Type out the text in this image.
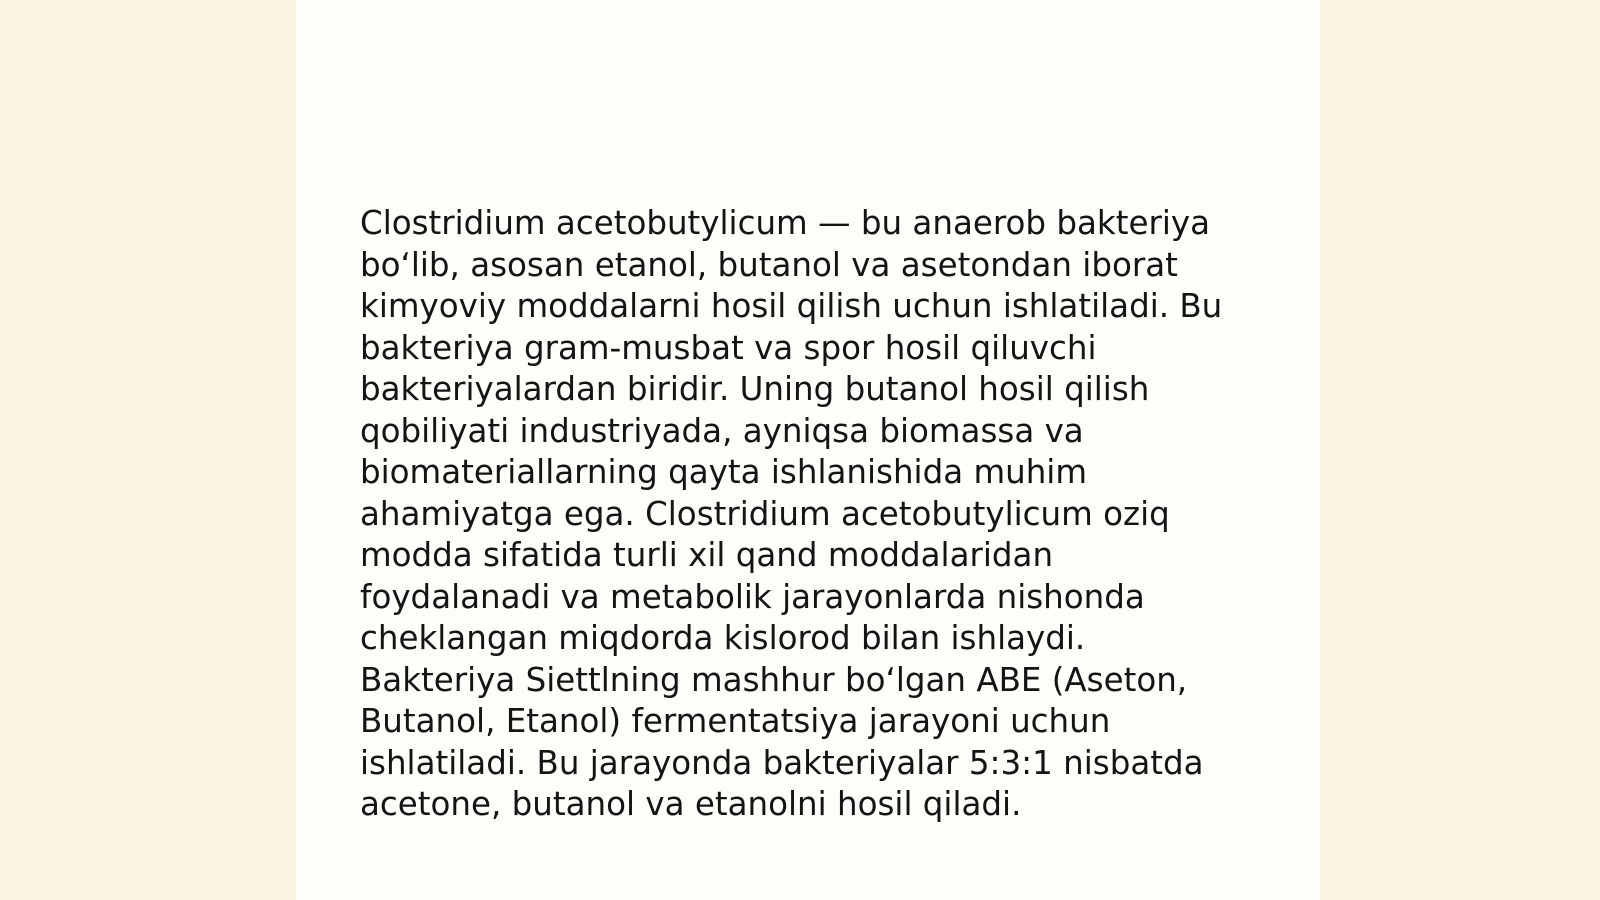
Clostridium acetobutylicum — bu anaerob bakteriya
bo‘lib, asosan etanol, butanol va asetondan iborat
kimyoviy moddalarni hosil qilish uchun ishlatiladi. Bu
bakteriya gram-musbat va spor hosil qiluvchi
bakteriyalardan biridir. Uning butanol hosil qilish
qobiliyati industriyada, ayniqsa biomassa va
biomateriallarning qayta ishlanishida muhim
ahamiyatga ega. Clostridium acetobutylicum oziq
modda sifatida turli xil qand moddalaridan
foydalanadi va metabolik jarayonlarda nishonda
cheklangan miqdorda kislorod bilan ishlaydi.
Bakteriya Siettlning mashhur bo‘lgan ABE (Aseton,
Butanol, Etanol) fermentatsiya jarayoni uchun
ishlatiladi. Bu jarayonda bakteriyalar 5:3:1 nisbatda
acetone, butanol va etanolni hosil qiladi.
